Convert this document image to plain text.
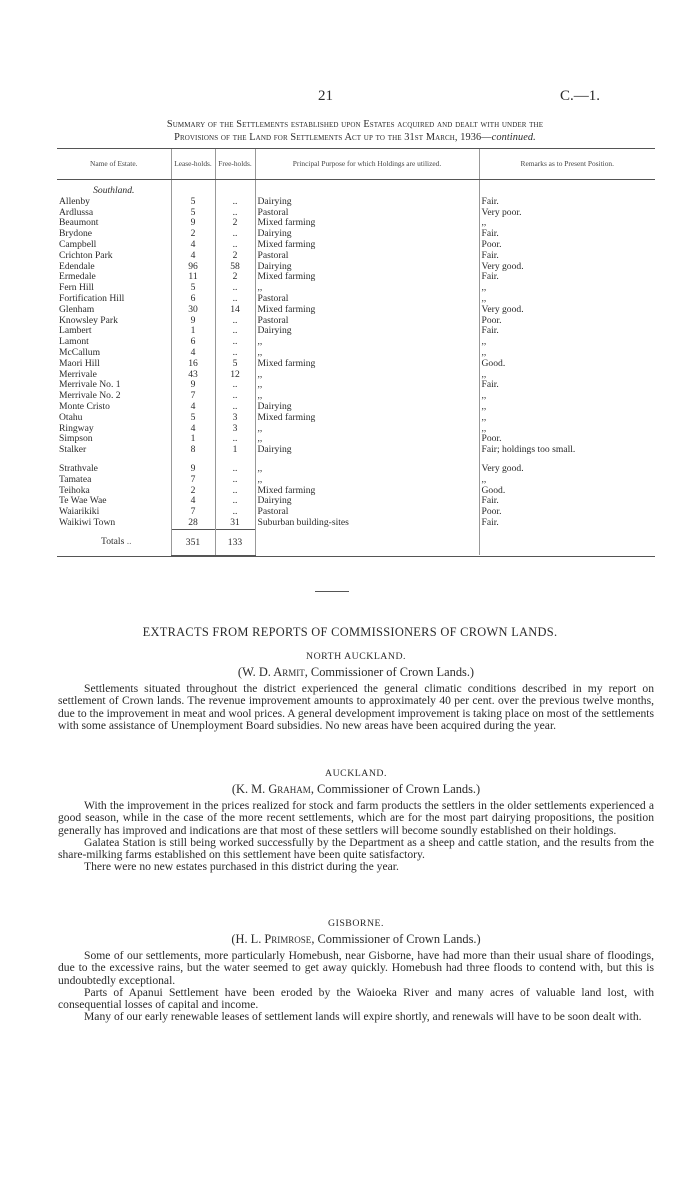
21	C.—1.
Summary of the Settlements established upon Estates acquired and dealt with under the
Provisions of the Land for Settlements Act up to the 31st March, 1936—continued.
Name of Estate.	Lease-holds.	Free-holds.	Principal Purpose for which Holdings are utilized.	Remarks as to Present Position.
Southland.				
Allenby	5	..	Dairying	Fair.
Ardlussa	5	..	Pastoral	Very poor.
Beaumont	9	2	Mixed farming	,,
Brydone	2	..	Dairying	Fair.
Campbell	4	..	Mixed farming	Poor.
Crichton Park	4	2	Pastoral	Fair.
Edendale	96	58	Dairying	Very good.
Ermedale	11	2	Mixed farming	Fair.
Fern Hill	5	..	,,	,,
Fortification Hill	6	..	Pastoral	,,
Glenham	30	14	Mixed farming	Very good.
Knowsley Park	9	..	Pastoral	Poor.
Lambert	1	..	Dairying	Fair.
Lamont	6	..	,,	,,
McCallum	4	..	,,	,,
Maori Hill	16	5	Mixed farming	Good.
Merrivale	43	12	,,	,,
Merrivale No. 1	9	..	,,	Fair.
Merrivale No. 2	7	..	,,	,,
Monte Cristo	4	..	Dairying	,,
Otahu	5	3	Mixed farming	,,
Ringway	4	3	,,	,,
Simpson	1	..	,,	Poor.
Stalker	8	1	Dairying	Fair; holdings too small.

Strathvale	9	..	,,	Very good.
Tamatea	7	..	,,	,,
Teihoka	2	..	Mixed farming	Good.
Te Wae Wae	4	..	Dairying	Fair.
Waiarikiki	7	..	Pastoral	Poor.
Waikiwi Town	28	31	Suburban building-sites	Fair.
Totals ..	351	133		

EXTRACTS FROM REPORTS OF COMMISSIONERS OF CROWN LANDS.
NORTH AUCKLAND.
(W. D. Armit, Commissioner of Crown Lands.)

Settlements situated throughout the district experienced the general climatic conditions described in my report on settlement of Crown lands. The revenue improvement amounts to approximately 40 per cent. over the previous twelve months, due to the improvement in meat and wool prices. A general development improvement is taking place on most of the settlements with some assistance of Unemployment Board subsidies. No new areas have been acquired during the year.

AUCKLAND.
(K. M. Graham, Commissioner of Crown Lands.)

With the improvement in the prices realized for stock and farm products the settlers in the older settlements experienced a good season, while in the case of the more recent settlements, which are for the most part dairying propositions, the position generally has improved and indications are that most of these settlers will become soundly established on their holdings.

Galatea Station is still being worked successfully by the Department as a sheep and cattle station, and the results from the share-milking farms established on this settlement have been quite satisfactory.

There were no new estates purchased in this district during the year.

GISBORNE.
(H. L. Primrose, Commissioner of Crown Lands.)

Some of our settlements, more particularly Homebush, near Gisborne, have had more than their usual share of floodings, due to the excessive rains, but the water seemed to get away quickly. Homebush had three floods to contend with, but this is undoubtedly exceptional.

Parts of Apanui Settlement have been eroded by the Waioeka River and many acres of valuable land lost, with consequential losses of capital and income.

Many of our early renewable leases of settlement lands will expire shortly, and renewals will have to be soon dealt with.
